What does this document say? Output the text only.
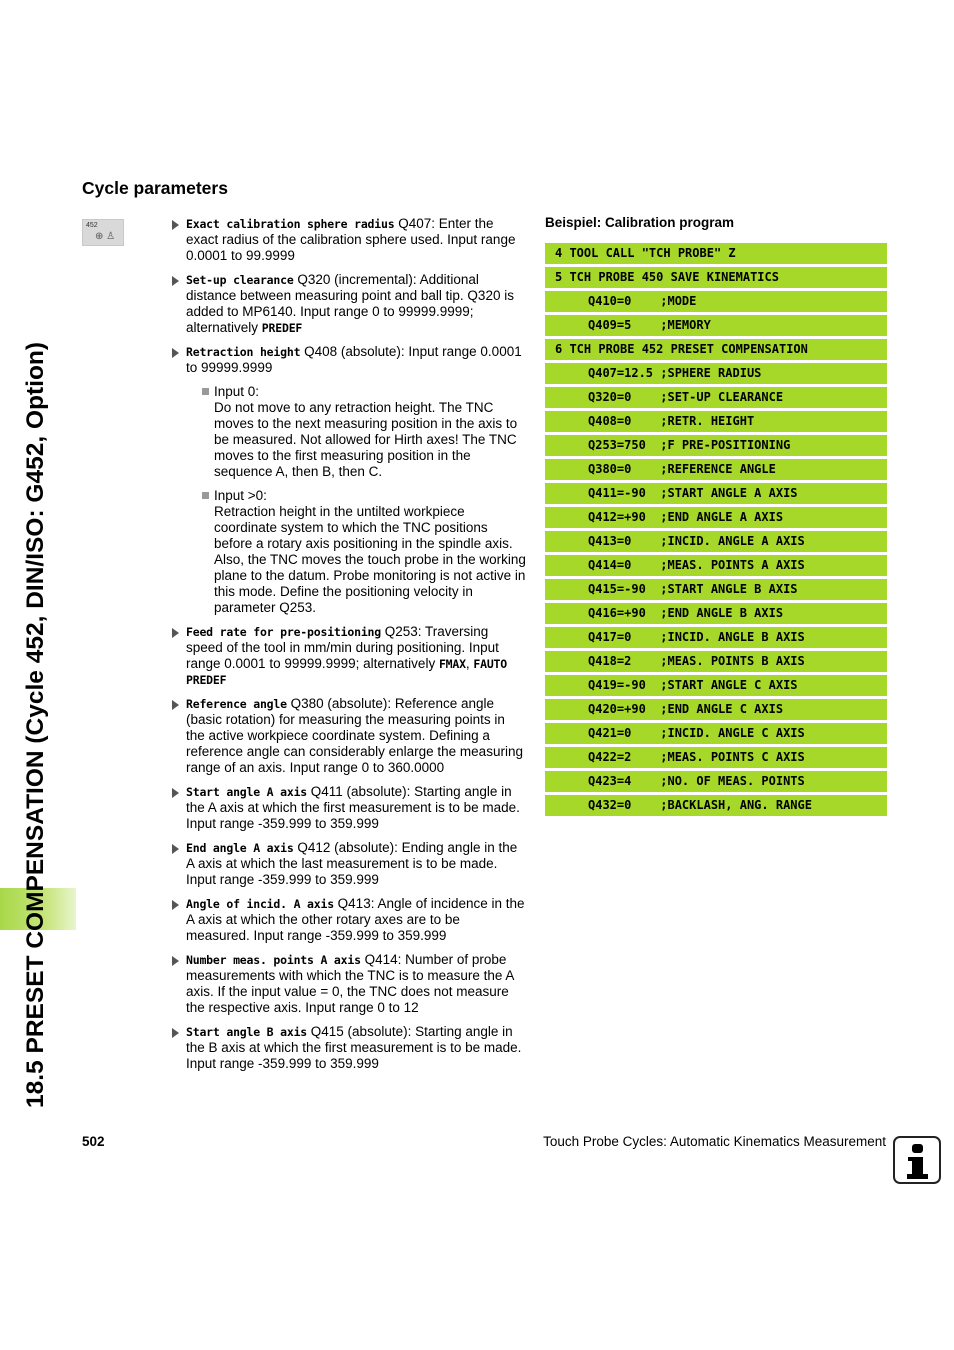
18.5 PRESET COMPENSATION (Cycle 452, DIN/ISO: G452, Option)
Cycle parameters
452
⊕ ♙
Exact calibration sphere radius Q407: Enter the exact radius of the calibration sphere used. Input range 0.0001 to 99.9999
Set-up clearance Q320 (incremental): Additional distance between measuring point and ball tip. Q320 is added to MP6140. Input range 0 to 99999.9999; alternatively PREDEF
Retraction height Q408 (absolute): Input range 0.0001 to 99999.9999
Input 0:
Do not move to any retraction height. The TNC moves to the next measuring position in the axis to be measured. Not allowed for Hirth axes! The TNC moves to the first measuring position in the sequence A, then B, then C.
Input >0:
Retraction height in the untilted workpiece coordinate system to which the TNC positions before a rotary axis positioning in the spindle axis. Also, the TNC moves the touch probe in the working plane to the datum. Probe monitoring is not active in this mode. Define the positioning velocity in parameter Q253.
Feed rate for pre-positioning Q253: Traversing speed of the tool in mm/min during positioning. Input range 0.0001 to 99999.9999; alternatively FMAX, FAUTO PREDEF
Reference angle Q380 (absolute): Reference angle (basic rotation) for measuring the measuring points in the active workpiece coordinate system. Defining a reference angle can considerably enlarge the measuring range of an axis. Input range 0 to 360.0000
Start angle A axis Q411 (absolute): Starting angle in the A axis at which the first measurement is to be made. Input range -359.999 to 359.999
End angle A axis Q412 (absolute): Ending angle in the A axis at which the last measurement is to be made. Input range -359.999 to 359.999
Angle of incid. A axis Q413: Angle of incidence in the A axis at which the other rotary axes are to be measured. Input range -359.999 to 359.999
Number meas. points A axis Q414: Number of probe measurements with which the TNC is to measure the A axis. If the input value = 0, the TNC does not measure the respective axis. Input range 0 to 12
Start angle B axis Q415 (absolute): Starting angle in the B axis at which the first measurement is to be made. Input range -359.999 to 359.999
Beispiel: Calibration program
4 TOOL CALL "TCH PROBE" Z
5 TCH PROBE 450 SAVE KINEMATICS
Q410=0    ;MODE
Q409=5    ;MEMORY
6 TCH PROBE 452 PRESET COMPENSATION
Q407=12.5 ;SPHERE RADIUS
Q320=0    ;SET-UP CLEARANCE
Q408=0    ;RETR. HEIGHT
Q253=750  ;F PRE-POSITIONING
Q380=0    ;REFERENCE ANGLE
Q411=-90  ;START ANGLE A AXIS
Q412=+90  ;END ANGLE A AXIS
Q413=0    ;INCID. ANGLE A AXIS
Q414=0    ;MEAS. POINTS A AXIS
Q415=-90  ;START ANGLE B AXIS
Q416=+90  ;END ANGLE B AXIS
Q417=0    ;INCID. ANGLE B AXIS
Q418=2    ;MEAS. POINTS B AXIS
Q419=-90  ;START ANGLE C AXIS
Q420=+90  ;END ANGLE C AXIS
Q421=0    ;INCID. ANGLE C AXIS
Q422=2    ;MEAS. POINTS C AXIS
Q423=4    ;NO. OF MEAS. POINTS
Q432=0    ;BACKLASH, ANG. RANGE
502	Touch Probe Cycles: Automatic Kinematics Measurement
